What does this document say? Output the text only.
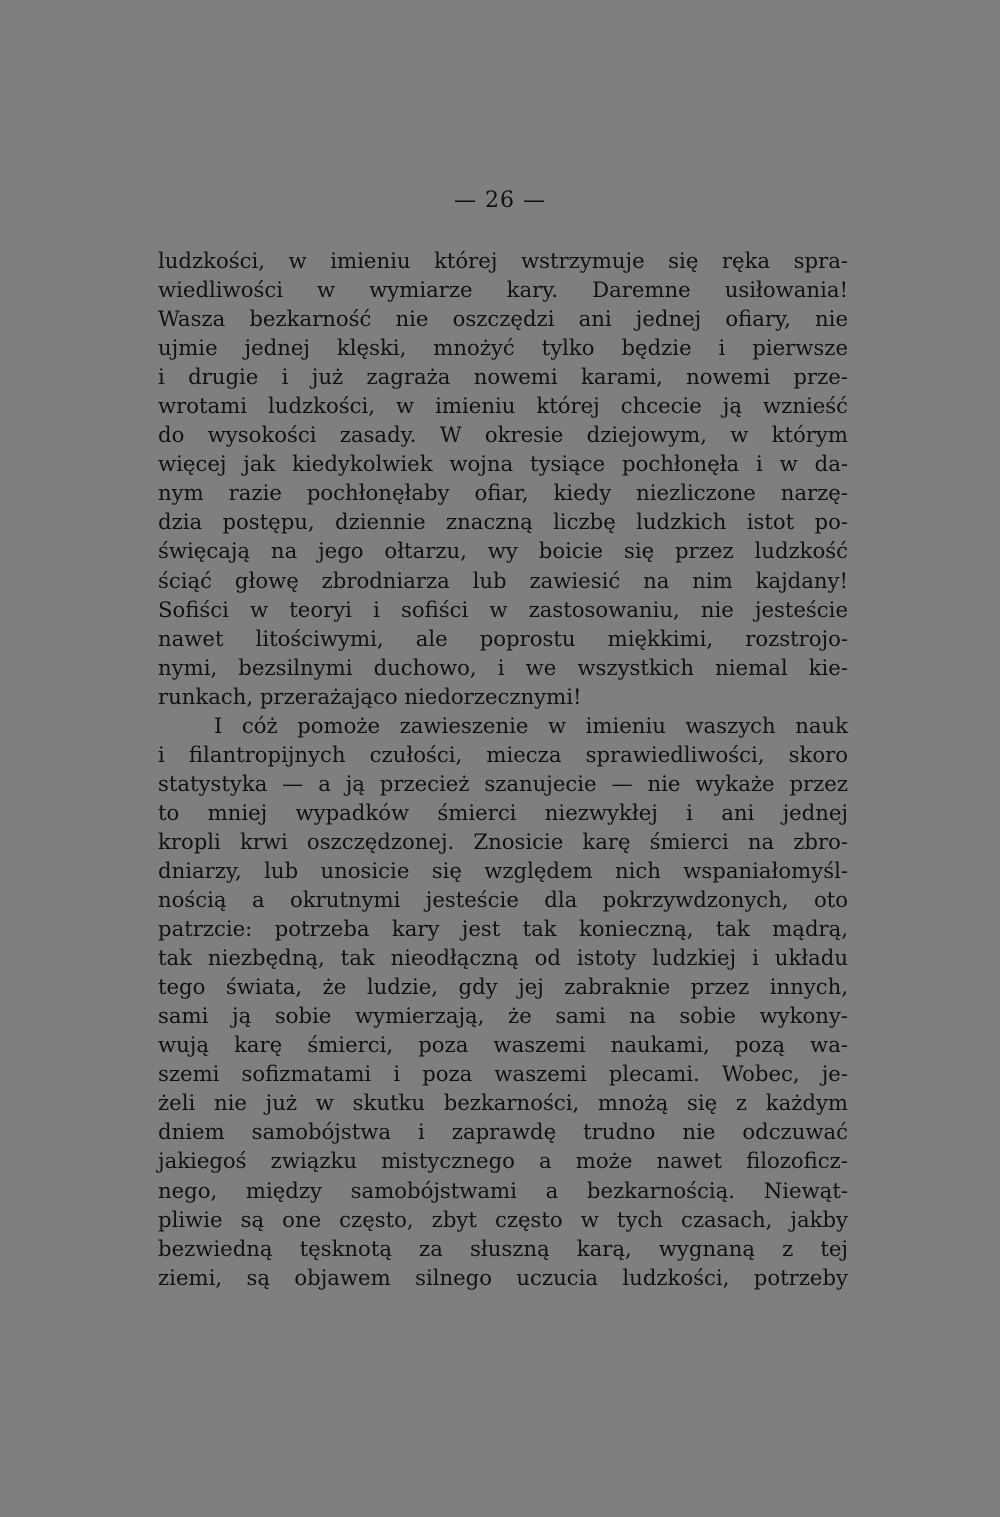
— 26 —
ludzkości, w imieniu której wstrzymuje się ręka spra-
wiedliwości w wymiarze kary. Daremne usiłowania!
Wasza bezkarność nie oszczędzi ani jednej ofiary, nie
ujmie jednej klęski, mnożyć tylko będzie i pierwsze
i drugie i już zagraża nowemi karami, nowemi prze-
wrotami ludzkości, w imieniu której chcecie ją wznieść
do wysokości zasady. W okresie dziejowym, w którym
więcej jak kiedykolwiek wojna tysiące pochłonęła i w da-
nym razie pochłonęłaby ofiar, kiedy niezliczone narzę-
dzia postępu, dziennie znaczną liczbę ludzkich istot po-
święcają na jego ołtarzu, wy boicie się przez ludzkość
ściąć głowę zbrodniarza lub zawiesić na nim kajdany!
Sofiści w teoryi i sofiści w zastosowaniu, nie jesteście
nawet litościwymi, ale poprostu miękkimi, rozstrojo-
nymi, bezsilnymi duchowo, i we wszystkich niemal kie-
runkach, przerażająco niedorzecznymi!
I cóż pomoże zawieszenie w imieniu waszych nauk
i filantropijnych czułości, miecza sprawiedliwości, skoro
statystyka — a ją przecież szanujecie — nie wykaże przez
to mniej wypadków śmierci niezwykłej i ani jednej
kropli krwi oszczędzonej. Znosicie karę śmierci na zbro-
dniarzy, lub unosicie się względem nich wspaniałomyśl-
nością a okrutnymi jesteście dla pokrzywdzonych, oto
patrzcie: potrzeba kary jest tak konieczną, tak mądrą,
tak niezbędną, tak nieodłączną od istoty ludzkiej i układu
tego świata, że ludzie, gdy jej zabraknie przez innych,
sami ją sobie wymierzają, że sami na sobie wykony-
wują karę śmierci, poza waszemi naukami, pozą wa-
szemi sofizmatami i poza waszemi plecami. Wobec, je-
żeli nie już w skutku bezkarności, mnożą się z każdym
dniem samobójstwa i zaprawdę trudno nie odczuwać
jakiegoś związku mistycznego a może nawet filozoficz-
nego, między samobójstwami a bezkarnością. Niewąt-
pliwie są one często, zbyt często w tych czasach, jakby
bezwiedną tęsknotą za słuszną karą, wygnaną z tej
ziemi, są objawem silnego uczucia ludzkości, potrzeby
